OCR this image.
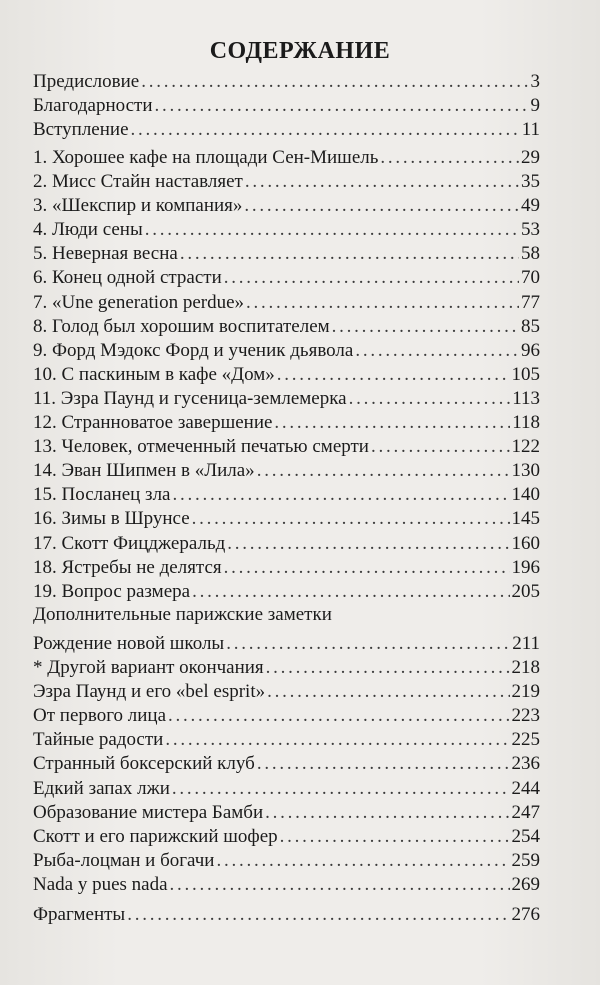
СОДЕРЖАНИЕ
Предисловие . . .	3
Благодарности . . .	9
Вступление . . .	11
1. Хорошее кафе на площади Сен-Мишель . . .	29
2. Мисс Стайн наставляет . . .	35
3. «Шекспир и компания» . . .	49
4. Люди сены . . .	53
5. Неверная весна . . .	58
6. Конец одной страсти . . .	70
7. «Une generation perdue» . . .	77
8. Голод был хорошим воспитателем . . .	85
9. Форд Мэдокс Форд и ученик дьявола . . .	96
10. С паскиным в кафе «Дом» . . .	105
11. Эзра Паунд и гусеница-землемерка . . .	113
12. Странноватое завершение . . .	118
13. Человек, отмеченный печатью смерти . . .	122
14. Эван Шипмен в «Лила» . . .	130
15. Посланец зла . . .	140
16. Зимы в Шрунсе . . .	145
17. Скотт Фицджеральд . . .	160
18. Ястребы не делятся . . .	196
19. Вопрос размера . . .	205
Дополнительные парижские заметки
Рождение новой школы . . .	211
* Другой вариант окончания . . .	218
Эзра Паунд и его «bel esprit» . . .	219
От первого лица . . .	223
Тайные радости . . .	225
Странный боксерский клуб . . .	236
Едкий запах лжи . . .	244
Образование мистера Бамби . . .	247
Скотт и его парижский шофер . . .	254
Рыба-лоцман и богачи . . .	259
Nada y pues nada . . .	269
Фрагменты . . .	276
